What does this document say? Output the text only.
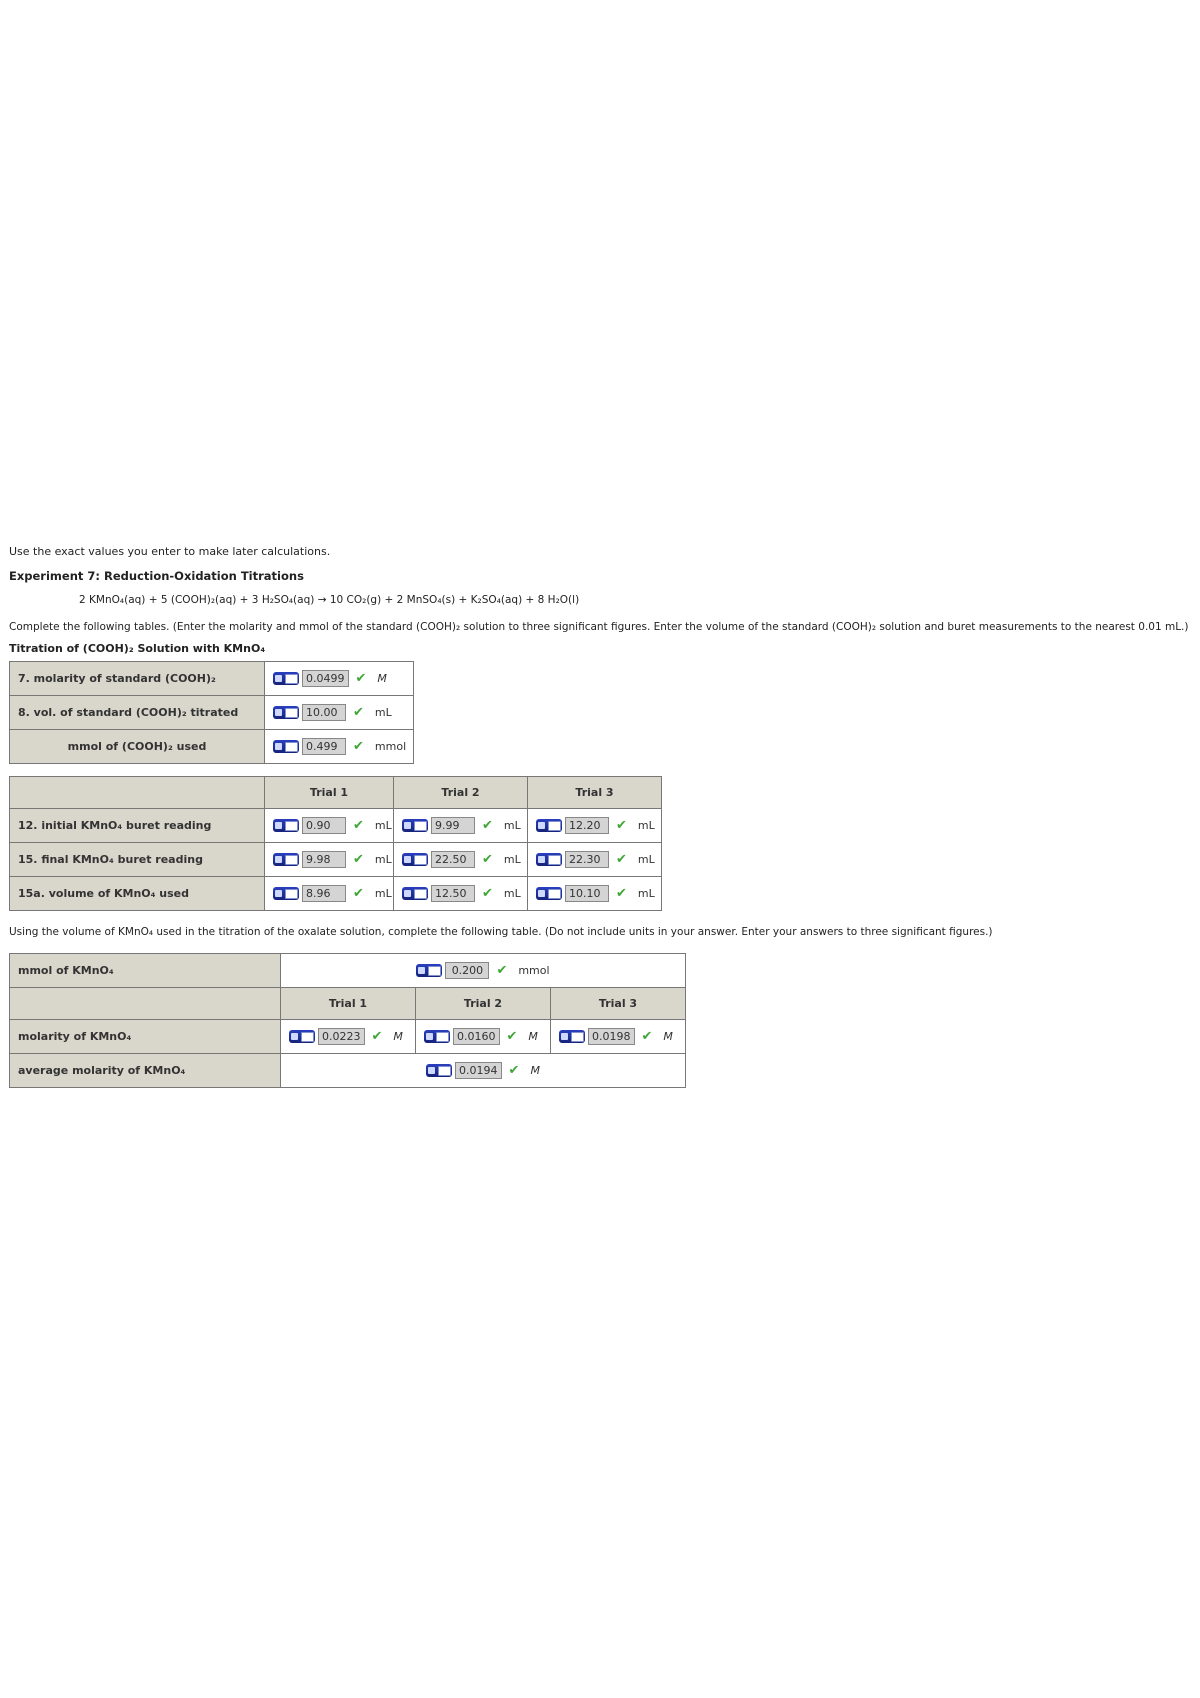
Use the exact values you enter to make later calculations.

Experiment 7: Reduction-Oxidation Titrations

2 KMnO₄(aq) + 5 (COOH)₂(aq) + 3 H₂SO₄(aq) → 10 CO₂(g) + 2 MnSO₄(s) + K₂SO₄(aq) + 8 H₂O(l)

Complete the following tables. (Enter the molarity and mmol of the standard (COOH)₂ solution to three significant figures. Enter the volume of the standard (COOH)₂ solution and buret measurements to the nearest 0.01 mL.)

Titration of (COOH)₂ Solution with KMnO₄

7. molarity of standard (COOH)₂	0.0499 ✔ M

8. vol. of standard (COOH)₂ titrated	10.00 ✔ mL

mmol of (COOH)₂ used	0.499 ✔ mmol
	Trial 1	Trial 2	Trial 3
12. initial KMnO₄ buret reading	0.90 ✔ mL	9.99 ✔ mL	12.20 ✔ mL

15. final KMnO₄ buret reading	9.98 ✔ mL	22.50 ✔ mL	22.30 ✔ mL

15a. volume of KMnO₄ used	8.96 ✔ mL	12.50 ✔ mL	10.10 ✔ mL

Using the volume of KMnO₄ used in the titration of the oxalate solution, complete the following table. (Do not include units in your answer. Enter your answers to three significant figures.)

mmol of KMnO₄	0.200 ✔ mmol		

	Trial 1	Trial 2	Trial 3
molarity of KMnO₄	0.0223 ✔ M	0.0160 ✔ M	0.0198 ✔ M

average molarity of KMnO₄	0.0194 ✔ M		
